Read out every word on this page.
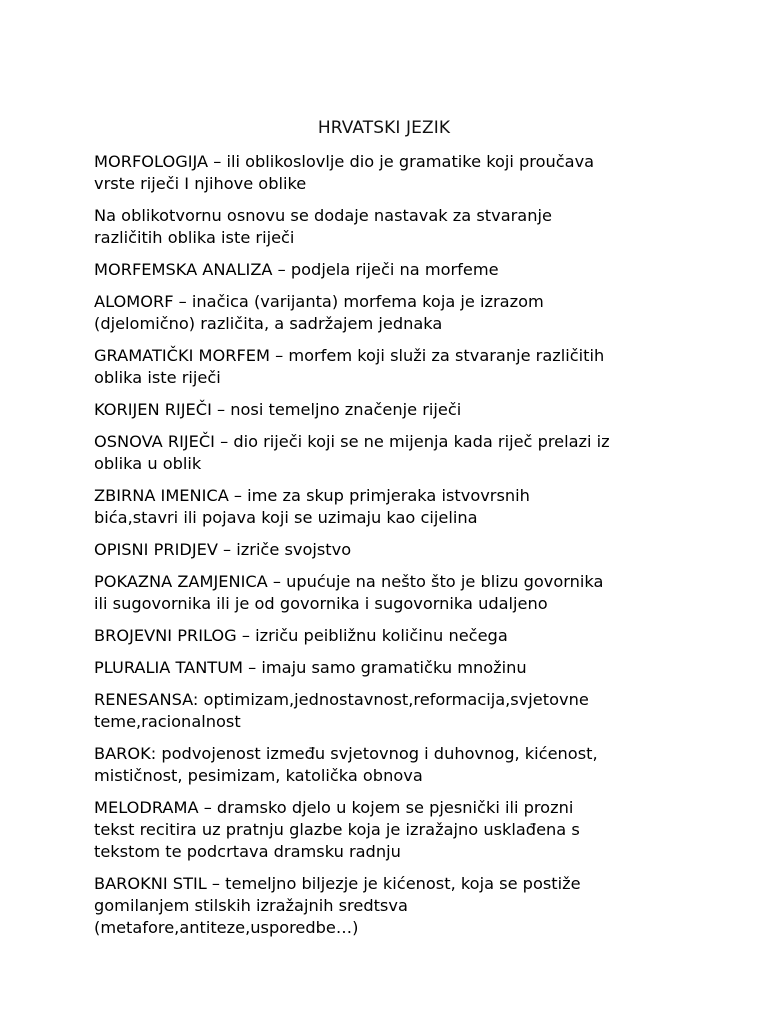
HRVATSKI JEZIK

MORFOLOGIJA – ili oblikoslovlje dio je gramatike koji proučava
vrste riječi I njihove oblike

Na oblikotvornu osnovu se dodaje nastavak za stvaranje
različitih oblika iste riječi

MORFEMSKA ANALIZA – podjela riječi na morfeme

ALOMORF – inačica (varijanta) morfema koja je izrazom
(djelomično) različita, a sadržajem jednaka

GRAMATIČKI MORFEM – morfem koji služi za stvaranje različitih
oblika iste riječi

KORIJEN RIJEČI – nosi temeljno značenje riječi

OSNOVA RIJEČI – dio riječi koji se ne mijenja kada riječ prelazi iz
oblika u oblik

ZBIRNA IMENICA – ime za skup primjeraka istvovrsnih
bića,stavri ili pojava koji se uzimaju kao cijelina

OPISNI PRIDJEV – izriče svojstvo

POKAZNA ZAMJENICA – upućuje na nešto što je blizu govornika
ili sugovornika ili je od govornika i sugovornika udaljeno

BROJEVNI PRILOG – izriču peibližnu količinu nečega

PLURALIA TANTUM – imaju samo gramatičku množinu

RENESANSA: optimizam,jednostavnost,reformacija,svjetovne
teme,racionalnost

BAROK: podvojenost između svjetovnog i duhovnog, kićenost,
mističnost, pesimizam, katolička obnova

MELODRAMA – dramsko djelo u kojem se pjesnički ili prozni
tekst recitira uz pratnju glazbe koja je izražajno usklađena s
tekstom te podcrtava dramsku radnju

BAROKNI STIL – temeljno biljezje je kićenost, koja se postiže
gomilanjem stilskih izražajnih sredtsva
(metafore,antiteze,usporedbe…)
